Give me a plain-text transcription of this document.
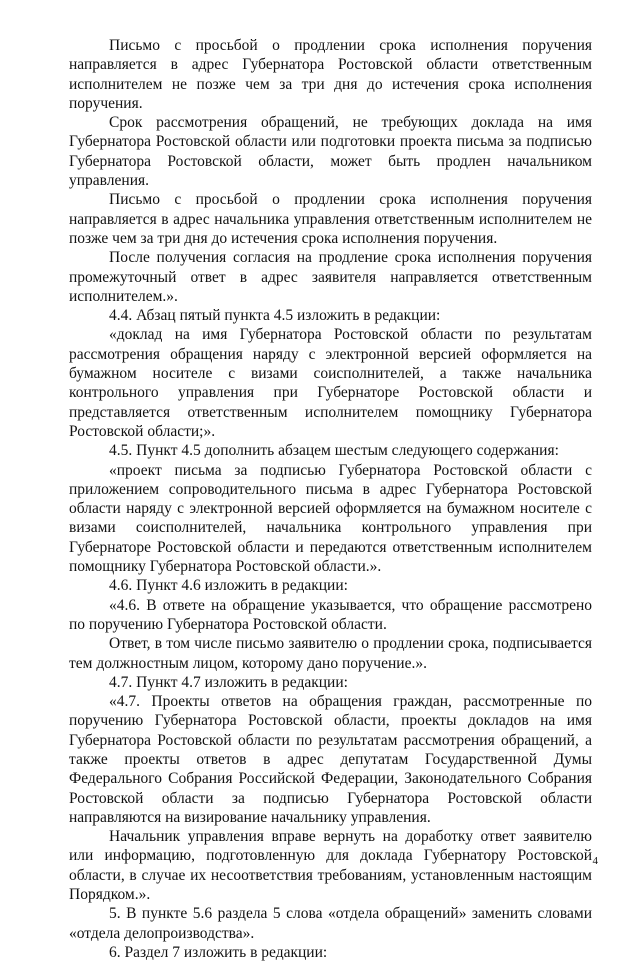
Письмо с просьбой о продлении срока исполнения поручения направляется в адрес Губернатора Ростовской области ответственным исполнителем не позже чем за три дня до истечения срока исполнения поручения.

Срок рассмотрения обращений, не требующих доклада на имя Губернатора Ростовской области или подготовки проекта письма за подписью Губернатора Ростовской области, может быть продлен начальником управления.

Письмо с просьбой о продлении срока исполнения поручения направляется в адрес начальника управления ответственным исполнителем не позже чем за три дня до истечения срока исполнения поручения.

После получения согласия на продление срока исполнения поручения промежуточный ответ в адрес заявителя направляется ответственным исполнителем.».

4.4. Абзац пятый пункта 4.5 изложить в редакции:

«доклад на имя Губернатора Ростовской области по результатам рассмотрения обращения наряду с электронной версией оформляется на бумажном носителе с визами соисполнителей, а также начальника контрольного управления при Губернаторе Ростовской области и представляется ответственным исполнителем помощнику Губернатора Ростовской области;».

4.5. Пункт 4.5 дополнить абзацем шестым следующего содержания:

«проект письма за подписью Губернатора Ростовской области с приложением сопроводительного письма в адрес Губернатора Ростовской области наряду с электронной версией оформляется на бумажном носителе с визами соисполнителей, начальника контрольного управления при Губернаторе Ростовской области и передаются ответственным исполнителем помощнику Губернатора Ростовской области.».

4.6. Пункт 4.6 изложить в редакции:

«4.6. В ответе на обращение указывается, что обращение рассмотрено по поручению Губернатора Ростовской области.

Ответ, в том числе письмо заявителю о продлении срока, подписывается тем должностным лицом, которому дано поручение.».

4.7. Пункт 4.7 изложить в редакции:

«4.7. Проекты ответов на обращения граждан, рассмотренные по поручению Губернатора Ростовской области, проекты докладов на имя Губернатора Ростовской области по результатам рассмотрения обращений, а также проекты ответов в адрес депутатам Государственной Думы Федерального Собрания Российской Федерации, Законодательного Собрания Ростовской области за подписью Губернатора Ростовской области направляются на визирование начальнику управления.

Начальник управления вправе вернуть на доработку ответ заявителю или информацию, подготовленную для доклада Губернатору Ростовской области, в случае их несоответствия требованиям, установленным настоящим Порядком.».

5. В пункте 5.6 раздела 5 слова «отдела обращений» заменить словами «отдела делопроизводства».

6. Раздел 7 изложить в редакции:

4
